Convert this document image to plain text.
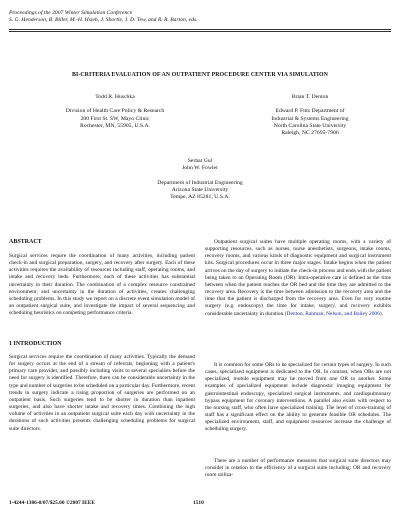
Proceedings of the 2007 Winter Simulation Conference
S. G. Henderson, B. Biller, M.-H. Hsieh, J. Shortle, J. D. Tew, and R. R. Barton, eds.
BI-CRITERIA EVALUATION OF AN OUTPATIENT PROCEDURE CENTER VIA SIMULATION
Todd R. Huschka
Division of Health Care Policy & Research
200 First St. SW, Mayo Clinic
Rochester, MN, 55905, U.S.A.
Brian T. Denton
Edward P. Fitts Department of
Industrial & Systems Engineering
North Carolina State University
Raleigh, NC 27695-7906
Serhat Gul
John W. Fowler
Department of Industrial Engineering
Arizona State University
Tempe, AZ 85281, U.S.A.
ABSTRACT
Surgical services require the coordination of many activities, including patient check-in and surgical preparation, surgery, and recovery after surgery. Each of these activities requires the availability of resources including staff, operating rooms, and intake and recovery beds. Furthermore, each of these activities has substantial uncertainty in their duration. The combination of a complex resource constrained environment, and uncertainty in the duration of activities, creates challenging scheduling problems. In this study we report on a discrete event simulation model of an outpatient surgical suite, and investigate the impact of several sequencing and scheduling heuristics on competing performance criteria.
1 INTRODUCTION
Surgical services require the coordination of many activities. Typically the demand for surgery occurs at the end of a stream of referrals, beginning with a patient's primary care provider, and possibly including visits to several specialists before the need for surgery is identified. Therefore, there can be considerable uncertainty in the type and number of surgeries to be scheduled on a particular day. Furthermore, recent trends in surgery indicate a rising proportion of surgeries are performed on an outpatient basis. Such surgeries tend to be shorter in duration than inpatient surgeries, and also have shorter intake and recovery times. Combining the high volume of activities in an outpatient surgical suite each day with uncertainty in the durations of such activities presents challenging scheduling problems for surgical suite directors.
Outpatient surgical suites have multiple operating rooms, with a variety of supporting resources, such as nurses, nurse anesthetists, surgeons, intake rooms, recovery rooms, and various kinds of diagnostic equipment and surgical instrument kits. Surgical procedures occur in three major stages. Intake begins when the patient arrives on the day of surgery to initiate the check-in process and ends with the patient being taken to an Operating Room (OR). Intra-operative care is defined as the time between when the patient reaches the OR bed and the time they are admitted to the recovery area. Recovery is the time between admission to the recovery area and the time that the patient is discharged from the recovery area. Even for very routine surgery (e.g. endoscopy) the time for intake, surgery, and recovery exhibits considerable uncertainty in duration (Denton, Rahman, Nelson, and Bailey 2006).
It is common for some ORs to be specialized for certain types of surgery. In such cases, specialized equipment is dedicated to the OR. In contrast, when ORs are not specialized, mobile equipment may be moved from one OR to another. Some examples of specialized equipment include diagnostic imaging equipment for gastrointestinal endoscopy, specialized surgical instruments, and cardiopulmonary bypass equipment for coronary interventions. A parallel also exists with respect to the nursing staff, who often have specialized training. The level of cross-training of staff has a significant effect on the ability to generate feasible OR schedules. The specialized environment, staff, and equipment resources increase the challenge of scheduling surgery.
There are a number of performance measures that surgical suite directors may consider in relation to the efficiency of a surgical suite including: OR and recovery room utiliza-
1-4244-1306-0/07/$25.00 ©2007 IEEE	1510
